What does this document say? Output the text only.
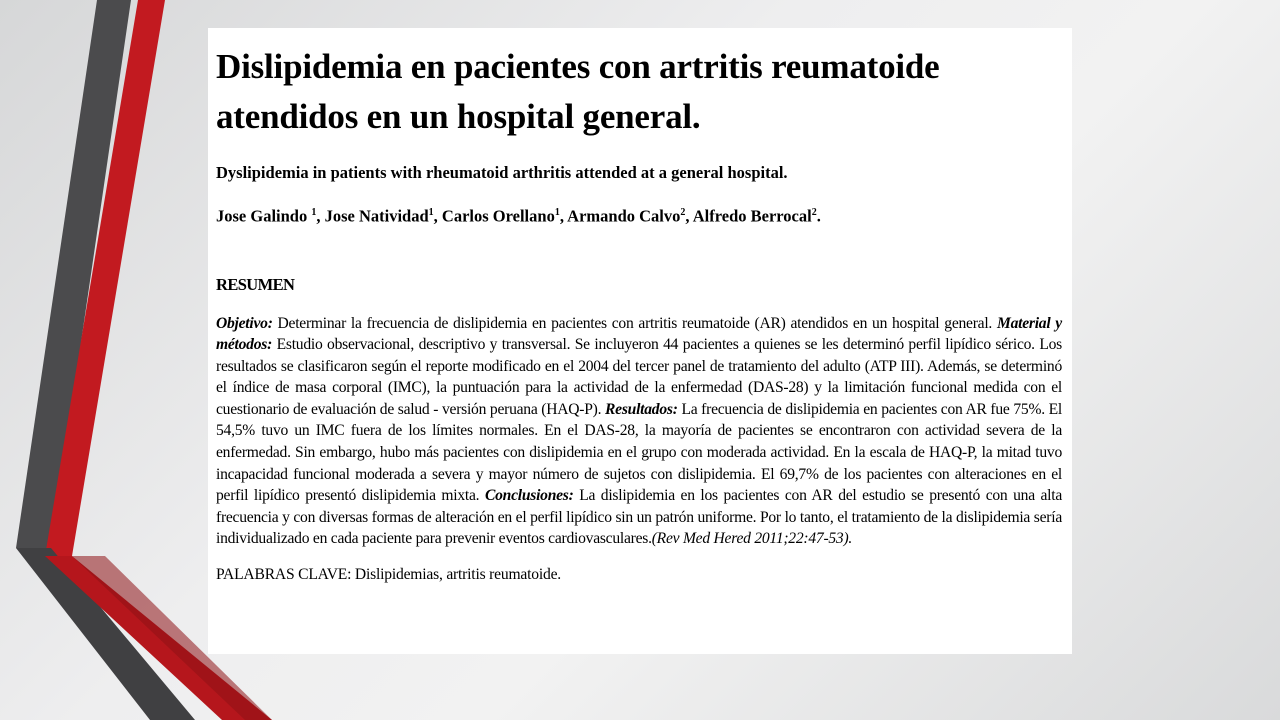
Dislipidemia en pacientes con artritis reumatoide atendidos en un hospital general.

Dyslipidemia in patients with rheumatoid arthritis attended at a general hospital.

Jose Galindo $^1$, Jose Natividad$^1$, Carlos Orellano$^1$, Armando Calvo$^2$, Alfredo Berrocal$^2$.

RESUMEN

Objetivo: Determinar la frecuencia de dislipidemia en pacientes con artritis reumatoide (AR) atendidos en un hospital general. Material y métodos: Estudio observacional, descriptivo y transversal. Se incluyeron 44 pacientes a quienes se les determinó perfil lipídico sérico. Los resultados se clasificaron según el reporte modificado en el 2004 del tercer panel de tratamiento del adulto (ATP III). Además, se determinó el índice de masa corporal (IMC), la puntuación para la actividad de la enfermedad (DAS-28) y la limitación funcional medida con el cuestionario de evaluación de salud - versión peruana (HAQ-P). Resultados: La frecuencia de dislipidemia en pacientes con AR fue 75%. El 54,5% tuvo un IMC fuera de los límites normales. En el DAS-28, la mayoría de pacientes se encontraron con actividad severa de la enfermedad. Sin embargo, hubo más pacientes con dislipidemia en el grupo con moderada actividad. En la escala de HAQ-P, la mitad tuvo incapacidad funcional moderada a severa y mayor número de sujetos con dislipidemia. El 69,7% de los pacientes con alteraciones en el perfil lipídico presentó dislipidemia mixta. Conclusiones: La dislipidemia en los pacientes con AR del estudio se presentó con una alta frecuencia y con diversas formas de alteración en el perfil lipídico sin un patrón uniforme. Por lo tanto, el tratamiento de la dislipidemia sería individualizado en cada paciente para prevenir eventos cardiovasculares.(Rev Med Hered 2011;22:47-53).

PALABRAS CLAVE: Dislipidemias, artritis reumatoide.
